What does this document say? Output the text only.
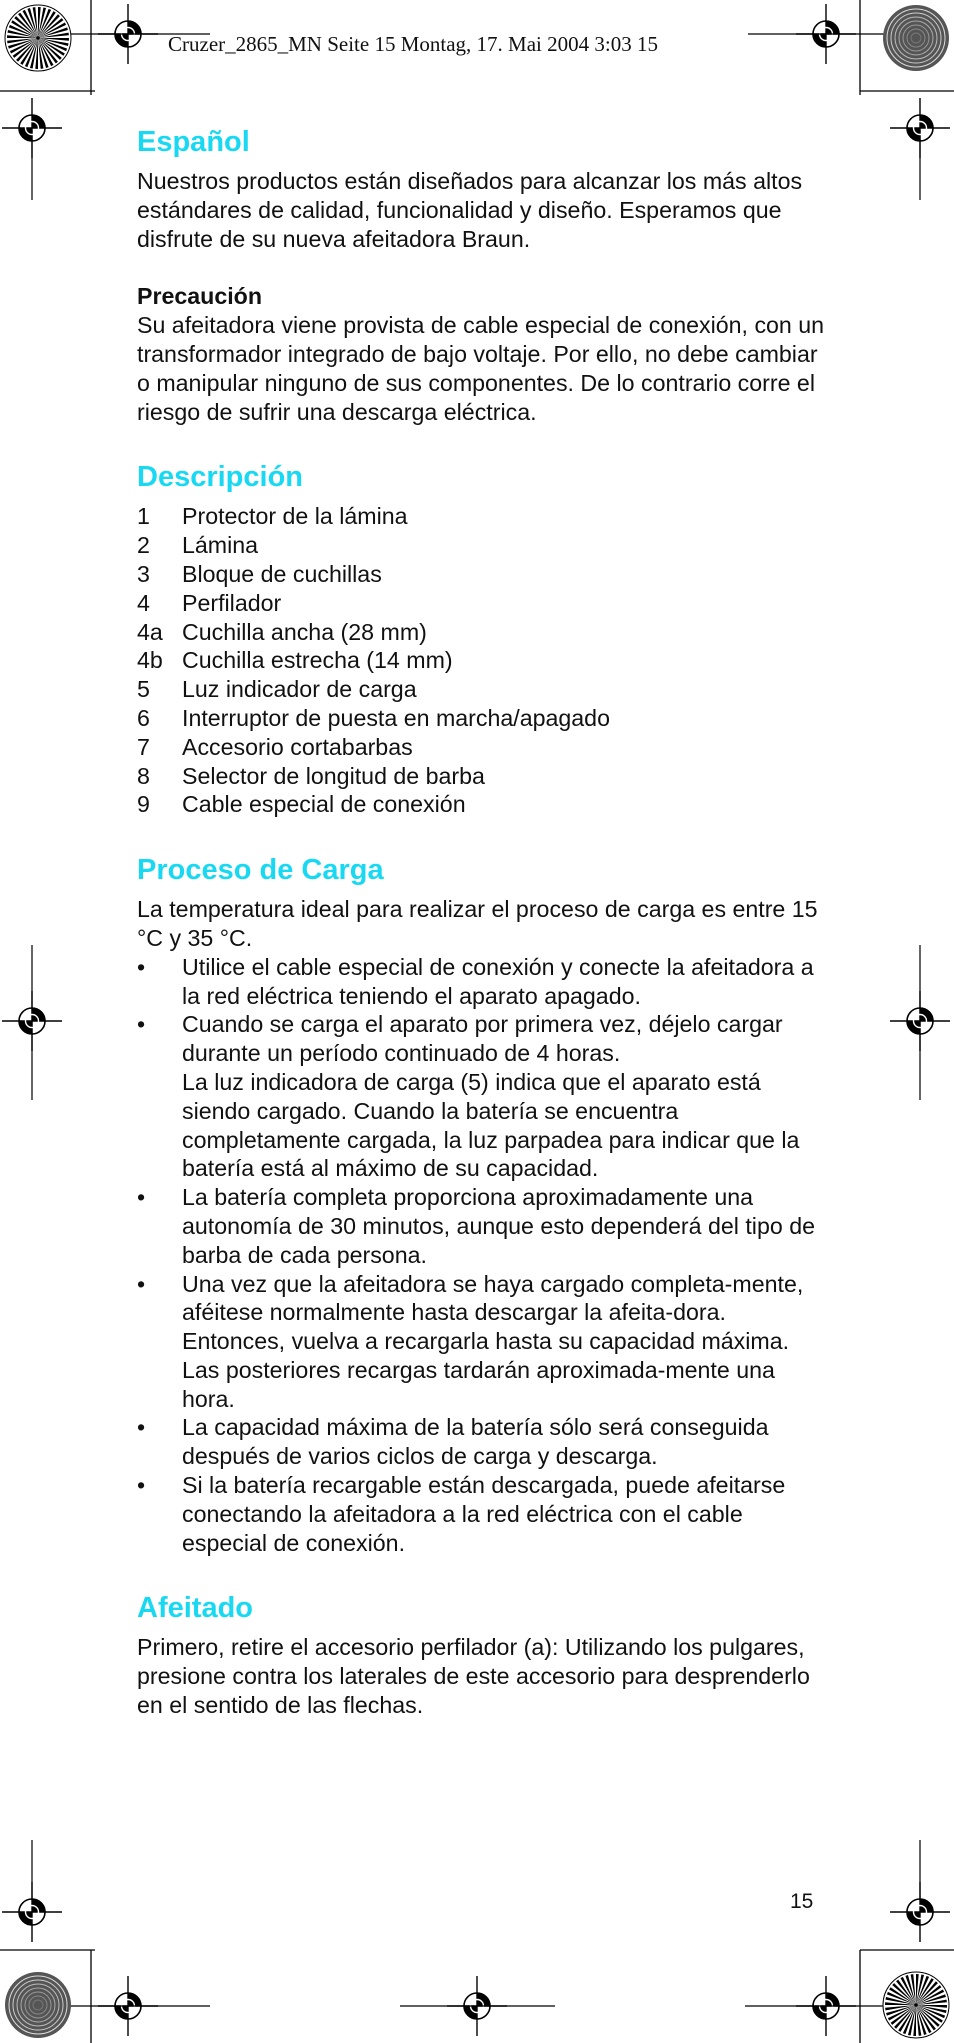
Cruzer_2865_MN Seite 15 Montag, 17. Mai 2004 3:03 15
Español

Nuestros productos están diseñados para alcanzar los más altos estándares de calidad, funcionalidad y diseño. Esperamos que disfrute de su nueva afeitadora Braun.

Precaución

Su afeitadora viene provista de cable especial de conexión, con un transformador integrado de bajo voltaje. Por ello, no debe cambiar o manipular ninguno de sus componentes. De lo contrario corre el riesgo de sufrir una descarga eléctrica.

Descripción
1 Protector de la lámina
2 Lámina
3 Bloque de cuchillas
4 Perfilador
4a Cuchilla ancha (28 mm)
4b Cuchilla estrecha (14 mm)
5 Luz indicador de carga
6 Interruptor de puesta en marcha/apagado
7 Accesorio cortabarbas
8 Selector de longitud de barba
9 Cable especial de conexión
Proceso de Carga

La temperatura ideal para realizar el proceso de carga es entre 15 °C y 35 °C.

• Utilice el cable especial de conexión y conecte la afeitadora a la red eléctrica teniendo el aparato apagado.
• Cuando se carga el aparato por primera vez, déjelo cargar durante un período continuado de 4 horas.
La luz indicadora de carga (5) indica que el aparato está siendo cargado. Cuando la batería se encuentra completamente cargada, la luz parpadea para indicar que la batería está al máximo de su capacidad.
• La batería completa proporciona aproximadamente una autonomía de 30 minutos, aunque esto dependerá del tipo de barba de cada persona.
• Una vez que la afeitadora se haya cargado completa-mente, aféitese normalmente hasta descargar la afeita-dora. Entonces, vuelva a recargarla hasta su capacidad máxima. Las posteriores recargas tardarán aproximada-mente una hora.
• La capacidad máxima de la batería sólo será conseguida después de varios ciclos de carga y descarga.
• Si la batería recargable están descargada, puede afeitarse conectando la afeitadora a la red eléctrica con el cable especial de conexión.
Afeitado

Primero, retire el accesorio perfilador (a): Utilizando los pulgares, presione contra los laterales de este accesorio para desprenderlo en el sentido de las flechas.

15
